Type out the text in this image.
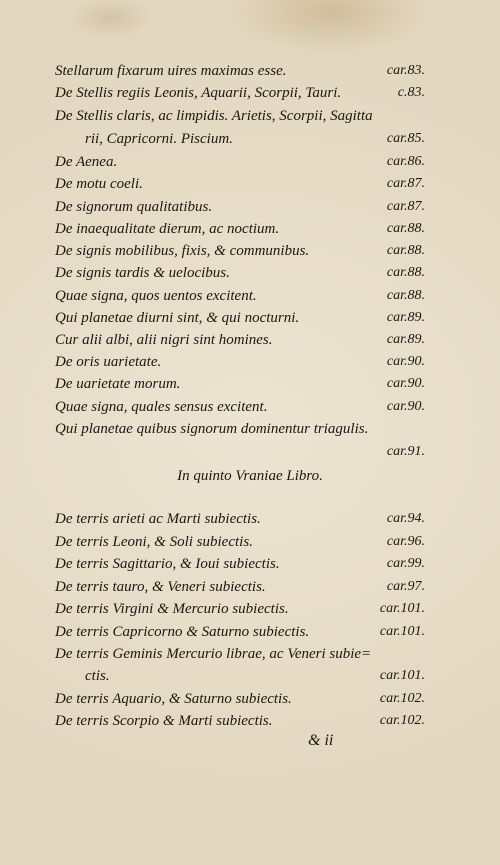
Stellarum fixarum uires maximas esse.	car.83.
De Stellis regiis Leonis, Aquarii, Scorpii, Tauri.	c.83.
De Stellis claris, ac limpidis. Arietis, Scorpii, Sagitta
rii, Capricorni. Piscium.	car.85.
De Aenea.	car.86.
De motu coeli.	car.87.
De signorum qualitatibus.	car.87.
De inaequalitate dierum, ac noctium.	car.88.
De signis mobilibus, fixis, & communibus.	car.88.
De signis tardis & uelocibus.	car.88.
Quae signa, quos uentos excitent.	car.88.
Qui planetae diurni sint, & qui nocturni.	car.89.
Cur alii albi, alii nigri sint homines.	car.89.
De oris uarietate.	car.90.
De uarietate morum.	car.90.
Quae signa, quales sensus excitent.	car.90.
Qui planetae quibus signorum dominentur triagulis.
car.91.
In quinto Vraniae Libro.
De terris arieti ac Marti subiectis.	car.94.
De terris Leoni, & Soli subiectis.	car.96.
De terris Sagittario, & Ioui subiectis.	car.99.
De terris tauro, & Veneri subiectis.	car.97.
De terris Virgini & Mercurio subiectis.	car.101.
De terris Capricorno & Saturno subiectis.	car.101.
De terris Geminis Mercurio librae, ac Veneri subie=
ctis.	car.101.
De terris Aquario, & Saturno subiectis.	car.102.
De terris Scorpio & Marti subiectis.	car.102.
& ii
